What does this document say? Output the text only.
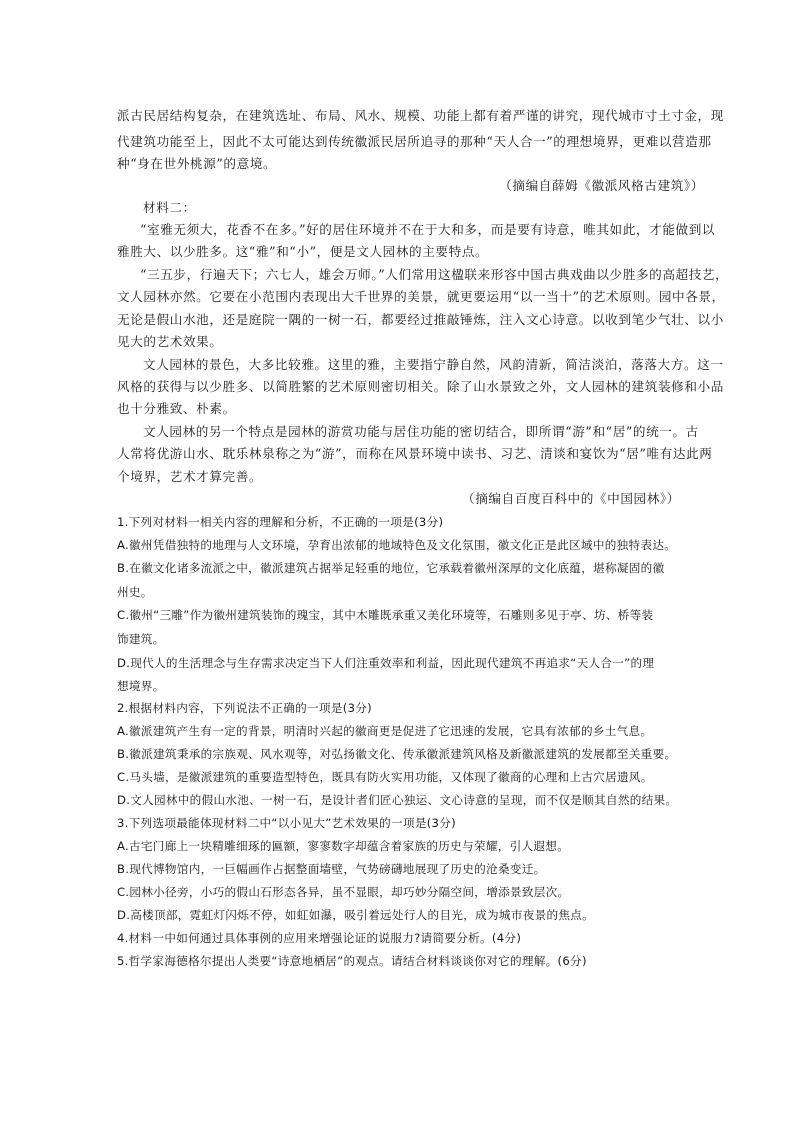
派古民居结构复杂，在建筑选址、布局、风水、规模、功能上都有着严谨的讲究，现代城市寸土寸金，现
代建筑功能至上，因此不太可能达到传统徽派民居所追寻的那种“天人合一”的理想境界，更难以营造那
种“身在世外桃源”的意境。
（摘编自薛姆《徽派风格古建筑》）
材料二：
“室雅无须大，花香不在多。”好的居住环境并不在于大和多，而是要有诗意，唯其如此，才能做到以
雅胜大、以少胜多。这“雅”和“小”，便是文人园林的主要特点。
“三五步，行遍天下；六七人，雄会万师。”人们常用这楹联来形容中国古典戏曲以少胜多的高超技艺，
文人园林亦然。它要在小范围内表现出大千世界的美景，就更要运用“以一当十”的艺术原则。园中各景，
无论是假山水池，还是庭院一隅的一树一石，都要经过推敲锤炼，注入文心诗意。以收到笔少气壮、以小
见大的艺术效果。
文人园林的景色，大多比较雅。这里的雅，主要指宁静自然，风韵清新，简洁淡泊，落落大方。这一
风格的获得与以少胜多、以简胜繁的艺术原则密切相关。除了山水景致之外，文人园林的建筑装修和小品
也十分雅致、朴素。
文人园林的另一个特点是园林的游赏功能与居住功能的密切结合，即所谓“游”和“居”的统一。古
人常将优游山水、耽乐林泉称之为“游”，而称在风景环境中读书、习艺、清谈和宴饮为“居”唯有达此两
个境界，艺术才算完善。
（摘编自百度百科中的《中国园林》）
1.下列对材料一相关内容的理解和分析，不正确的一项是(3分)
A.徽州凭借独特的地理与人文环境，孕育出浓郁的地域特色及文化氛围，徽文化正是此区域中的独特表达。
B.在徽文化诸多流派之中，徽派建筑占据举足轻重的地位，它承载着徽州深厚的文化底蕴，堪称凝固的徽
州史。
C.徽州“三雕”作为徽州建筑装饰的瑰宝，其中木雕既承重又美化环境等，石雕则多见于亭、坊、桥等装
饰建筑。
D.现代人的生活理念与生存需求决定当下人们注重效率和利益，因此现代建筑不再追求“天人合一”的理
想境界。
2.根据材料内容，下列说法不正确的一项是(3分)
A.徽派建筑产生有一定的背景，明清时兴起的徽商更是促进了它迅速的发展，它具有浓郁的乡土气息。
B.徽派建筑秉承的宗族观、风水观等，对弘扬徽文化、传承徽派建筑风格及新徽派建筑的发展都至关重要。
C.马头墙，是徽派建筑的重要造型特色，既具有防火实用功能，又体现了徽商的心理和上古穴居遗风。
D.文人园林中的假山水池、一树一石，是设计者们匠心独运、文心诗意的呈现，而不仅是顺其自然的结果。
3.下列选项最能体现材料二中“以小见大”艺术效果的一项是(3分)
A.古宅门廊上一块精雕细琢的匾额，寥寥数字却蕴含着家族的历史与荣耀，引人遐想。
B.现代博物馆内，一巨幅画作占据整面墙壁，气势磅礴地展现了历史的沧桑变迁。
C.园林小径旁，小巧的假山石形态各异，虽不显眼，却巧妙分隔空间，增添景致层次。
D.高楼顶部，霓虹灯闪烁不停，如虹如瀑，吸引着远处行人的目光，成为城市夜景的焦点。
4.材料一中如何通过具体事例的应用来增强论证的说服力?请简要分析。(4分)
5.哲学家海德格尔提出人类要“诗意地栖居”的观点。请结合材料谈谈你对它的理解。(6分)
